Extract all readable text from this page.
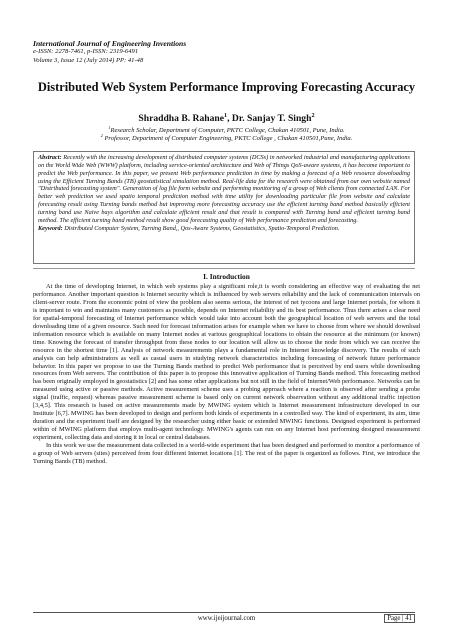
International Journal of Engineering Inventions
e-ISSN: 2278-7461, p-ISSN: 2319-6491
Volume 3, Issue 12 (July 2014) PP: 41-48
Distributed Web System Performance Improving Forecasting Accuracy
Shraddha B. Rahane$^1$, Dr. Sanjay T. Singh$^2$
$^1$Research Scholar, Department of Computer, PKTC College, Chakan 410501, Pune, India.
$^2$ Professor, Department of Computer Engineering, PKTC College , Chakan 410501,Pune, India.
Abstract: Recently with the increasing development of distributed computer systems (DCSs) in networked industrial and manufacturing applications on the World Wide Web (WWW) platform, including service-oriented architecture and Web of Things QoS-aware systems, it has become important to predict the Web performance. In this paper, we present Web performance prediction in time by making a forecast of a Web resource downloading using the Efficient Turning Bands (TB) geostatistical simulation method. Real-life data for the research were obtained from our own website named "Distributed forecasting system". Generation of log file form website and performing monitoring of a group of Web clients from connected LAN. For better web prediction we used spatio temporal prediction method with time utility for downloading particular file from website and calculate forecasting result using Turning bands method but improving more forecasting accuracy use the efficient turning band method basically efficient turning band use Naive bays algorithm and calculate efficient result and that result is compared with Turning band and efficient turning band method. The efficient turning band method result show good forecasting quality of Web performance prediction and forecasting.
Keyword: Distributed Computer System, Turning Band,, Qos-Aware Systems, Geostatistics, Spatio-Temporal Prediction.
I. Introduction

At the time of developing Internet, in which web systems play a significant role,it is worth considering an effective way of evaluating the net performance. Another important question is Internet security which is influenced by web servers reliability and the lack of communication intervals on client-server route. From the economic point of view the problem also seems serious, the interest of net tycoons and large Internet portals, for whom it is important to win and maintains many customers as possible, depends on Internet reliability and its best performance. Thus there arises a clear need for spatial-temporal forecasting of Internet performance which would take into account both the geographical location of web servers and the total downloading time of a given resource. Such need for forecast information arises for example when we have to choose from where we should download information resource which is available on many Internet nodes at various geographical locations to obtain the resource at the minimum (or known) time. Knowing the forecast of transfer throughput from these nodes to our location will allow us to choose the node from which we can receive the resource in the shortest time [1]. Analysis of network measurements plays a fundamental role in Internet knowledge discovery. The results of such analysis can help administrators as well as casual users in studying network characteristics including forecasting of network future performance behavior. In this paper we propose to use the Turning Bands method to predict Web performance that is perceived by end users while downloading resources from Web servers. The contribution of this paper is to propose this innovative application of Turning Bands method. This forecasting method has been originally employed in geostatistics [2] and has some other applications but not still in the field of Internet/Web performance. Networks can be measured using active or passive methods. Active measurement scheme uses a probing approach where a reaction is observed after sending a probe signal (traffic, request) whereas passive measurement scheme is based only on current network observation without any additional traffic injection [3,4,5]. This research is based on active measurements made by MWING system which is Internet measurement infrastructure developed in our Institute [6,7]. MWING has been developed to design and perform both kinds of experiments in a controlled way. The kind of experiment, its aim, time duration and the experiment itself are designed by the researcher using either basic or extended MWING functions. Designed experiment is performed within of MWING platform that employs multi-agent technology. MWING's agents can run on any Internet host performing designed measurement experiment, collecting data and storing it in local or central databases.

In this work we use the measurement data collected in a world-wide experiment that has been designed and performed to monitor a performance of a group of Web servers (sites) perceived from four different Internet locations [1]. The rest of the paper is organized as follows. First, we introduce the Turning Bands (TB) method.

www.ijeijournal.com	Page | 41
